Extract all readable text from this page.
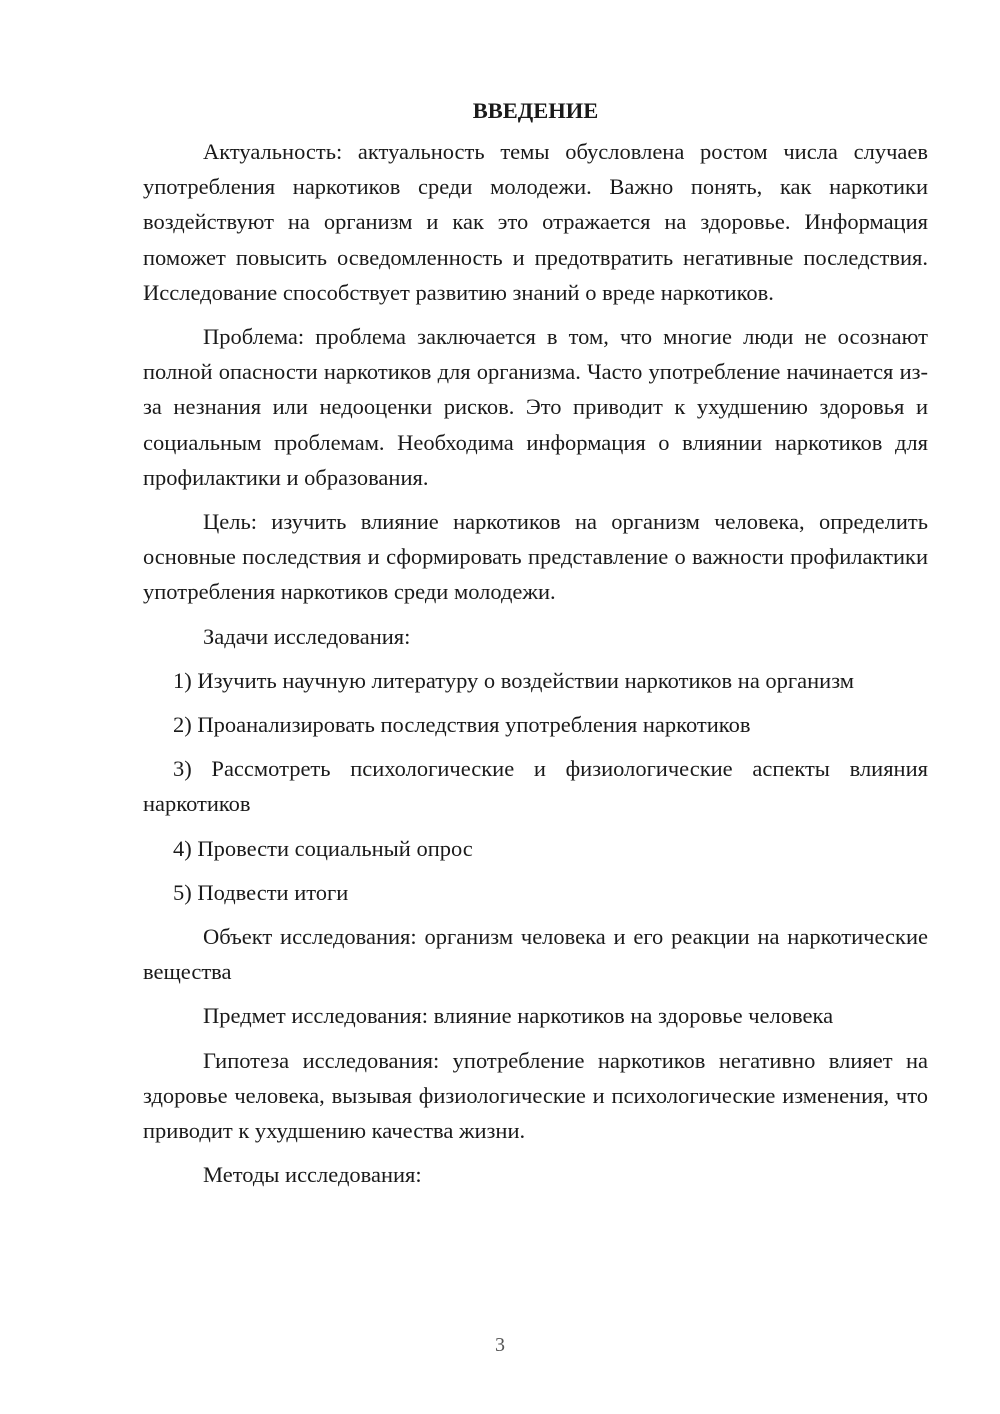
ВВЕДЕНИЕ

Актуальность: актуальность темы обусловлена ростом числа случаев употребления наркотиков среди молодежи. Важно понять, как наркотики воздействуют на организм и как это отражается на здоровье. Информация поможет повысить осведомленность и предотвратить негативные последствия. Исследование способствует развитию знаний о вреде наркотиков.

Проблема: проблема заключается в том, что многие люди не осознают полной опасности наркотиков для организма. Часто употребление начинается из-за незнания или недооценки рисков. Это приводит к ухудшению здоровья и социальным проблемам. Необходима информация о влиянии наркотиков для профилактики и образования.

Цель: изучить влияние наркотиков на организм человека, определить основные последствия и сформировать представление о важности профилактики употребления наркотиков среди молодежи.

Задачи исследования:

1) Изучить научную литературу о воздействии наркотиков на организм

2) Проанализировать последствия употребления наркотиков

3) Рассмотреть психологические и физиологические аспекты влияния наркотиков

4) Провести социальный опрос

5) Подвести итоги

Объект исследования: организм человека и его реакции на наркотические вещества

Предмет исследования: влияние наркотиков на здоровье человека

Гипотеза исследования: употребление наркотиков негативно влияет на здоровье человека, вызывая физиологические и психологические изменения, что приводит к ухудшению качества жизни.

Методы исследования:

3
